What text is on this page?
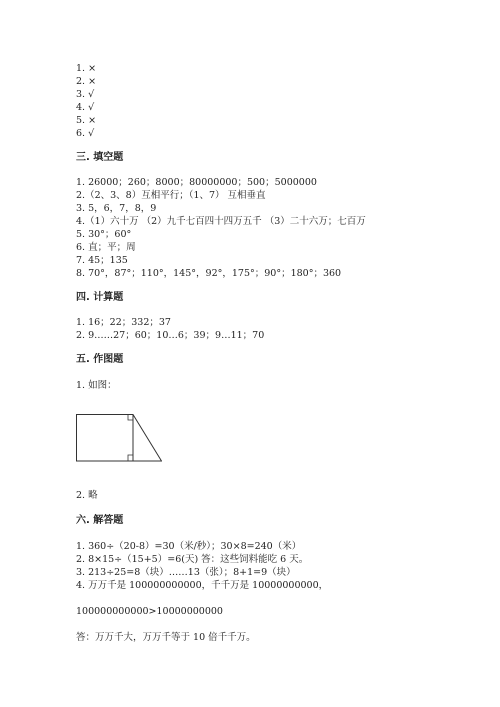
1. ×
2. ×
3. √
4. √
5. ×
6. √
三. 填空题
1. 26000；260；8000；80000000；500；5000000
2.（2、3、8）互相平行；（1、7） 互相垂直
3. 5，6，7，8，9
4.（1）六十万 （2）九千七百四十四万五千 （3）二十六万；七百万
5. 30°；60°
6. 直；平；周
7. 45；135
8. 70°，87°；110°，145°，92°，175°；90°；180°；360
四. 计算题
1. 16；22；332；37
2. 9……27；60；10…6；39；9…11；70
五. 作图题
1. 如图：
2. 略
六. 解答题
1. 360÷（20-8）=30（米/秒）；30×8=240（米）
2. 8×15÷（15+5）=6(天) 答：这些饲料能吃 6 天。
3. 213÷25=8（块）……13（张）；8+1=9（块）
4. 万万千是 100000000000，千千万是 10000000000，
100000000000>10000000000
答：万万千大，万万千等于 10 倍千千万。
